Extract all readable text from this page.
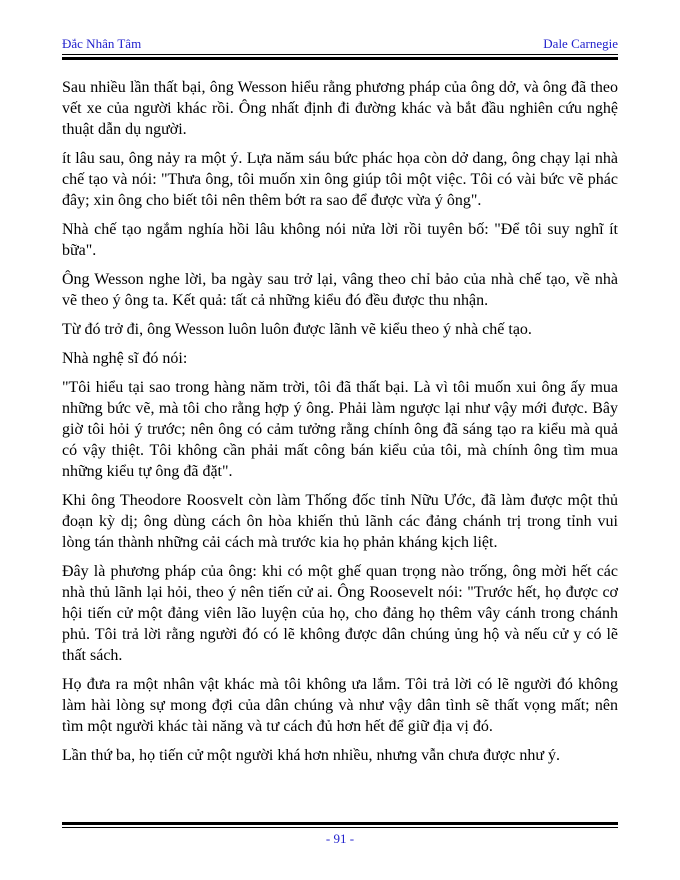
Đắc Nhân Tâm	Dale Carnegie

Sau nhiều lần thất bại, ông Wesson hiểu rằng phương pháp của ông dở, và ông đã theo vết xe của người khác rồi. Ông nhất định đi đường khác và bắt đầu nghiên cứu nghệ thuật dẫn dụ người.

ít lâu sau, ông nảy ra một ý. Lựa năm sáu bức phác họa còn dở dang, ông chạy lại nhà chế tạo và nói: "Thưa ông, tôi muốn xin ông giúp tôi một việc. Tôi có vài bức vẽ phác đây; xin ông cho biết tôi nên thêm bớt ra sao để được vừa ý ông".

Nhà chế tạo ngắm nghía hồi lâu không nói nửa lời rồi tuyên bố: "Để tôi suy nghĩ ít bữa".

Ông Wesson nghe lời, ba ngày sau trở lại, vâng theo chỉ bảo của nhà chế tạo, về nhà vẽ theo ý ông ta. Kết quả: tất cả những kiểu đó đều được thu nhận.

Từ đó trở đi, ông Wesson luôn luôn được lãnh vẽ kiểu theo ý nhà chế tạo.

Nhà nghệ sĩ đó nói:

"Tôi hiểu tại sao trong hàng năm trời, tôi đã thất bại. Là vì tôi muốn xui ông ấy mua những bức vẽ, mà tôi cho rằng hợp ý ông. Phải làm ngược lại như vậy mới được. Bây giờ tôi hỏi ý trước; nên ông có cảm tưởng rằng chính ông đã sáng tạo ra kiểu mà quả có vậy thiệt. Tôi không cần phải mất công bán kiểu của tôi, mà chính ông tìm mua những kiểu tự ông đã đặt".

Khi ông Theodore Roosvelt còn làm Thống đốc tỉnh Nữu Ước, đã làm được một thủ đoạn kỳ dị; ông dùng cách ôn hòa khiến thủ lãnh các đảng chánh trị trong tỉnh vui lòng tán thành những cải cách mà trước kia họ phản kháng kịch liệt.

Đây là phương pháp của ông: khi có một ghế quan trọng nào trống, ông mời hết các nhà thủ lãnh lại hỏi, theo ý nên tiến cử ai. Ông Roosevelt nói: "Trước hết, họ được cơ hội tiến cử một đảng viên lão luyện của họ, cho đảng họ thêm vây cánh trong chánh phủ. Tôi trả lời rằng người đó có lẽ không được dân chúng ủng hộ và nếu cử y có lẽ thất sách.

Họ đưa ra một nhân vật khác mà tôi không ưa lắm. Tôi trả lời có lẽ người đó không làm hài lòng sự mong đợi của dân chúng và như vậy dân tình sẽ thất vọng mất; nên tìm một người khác tài năng và tư cách đủ hơn hết để giữ địa vị đó.

Lần thứ ba, họ tiến cử một người khá hơn nhiều, nhưng vẫn chưa được như ý.

- 91 -
